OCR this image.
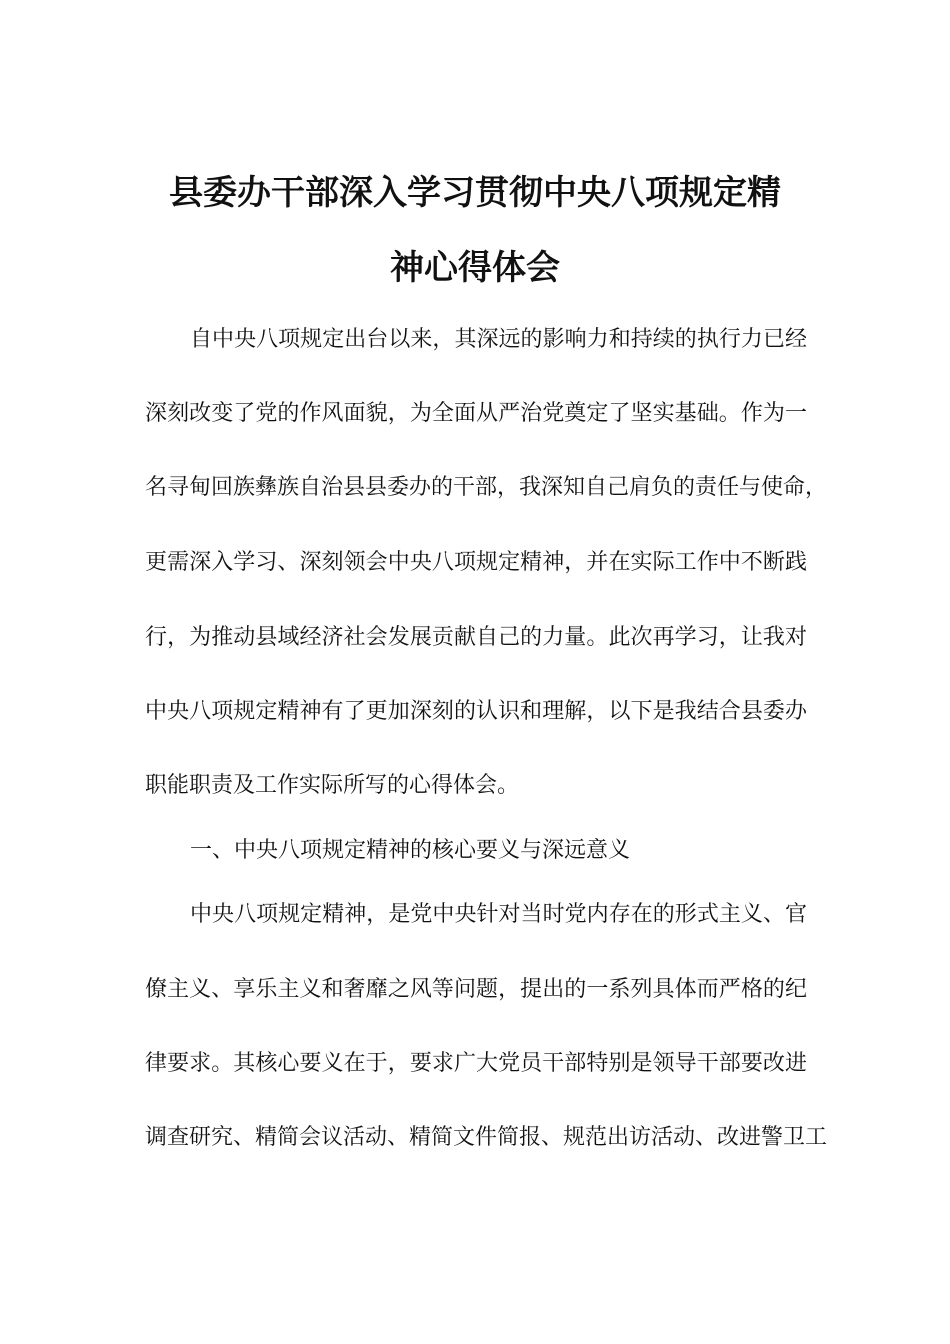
县委办干部深入学习贯彻中央八项规定精
神心得体会
自中央八项规定出台以来，其深远的影响力和持续的执行力已经
深刻改变了党的作风面貌，为全面从严治党奠定了坚实基础。作为一
名寻甸回族彝族自治县县委办的干部，我深知自己肩负的责任与使命，
更需深入学习、深刻领会中央八项规定精神，并在实际工作中不断践
行，为推动县域经济社会发展贡献自己的力量。此次再学习，让我对
中央八项规定精神有了更加深刻的认识和理解，以下是我结合县委办
职能职责及工作实际所写的心得体会。
一、中央八项规定精神的核心要义与深远意义
中央八项规定精神，是党中央针对当时党内存在的形式主义、官
僚主义、享乐主义和奢靡之风等问题，提出的一系列具体而严格的纪
律要求。其核心要义在于，要求广大党员干部特别是领导干部要改进
调查研究、精简会议活动、精简文件简报、规范出访活动、改进警卫工
